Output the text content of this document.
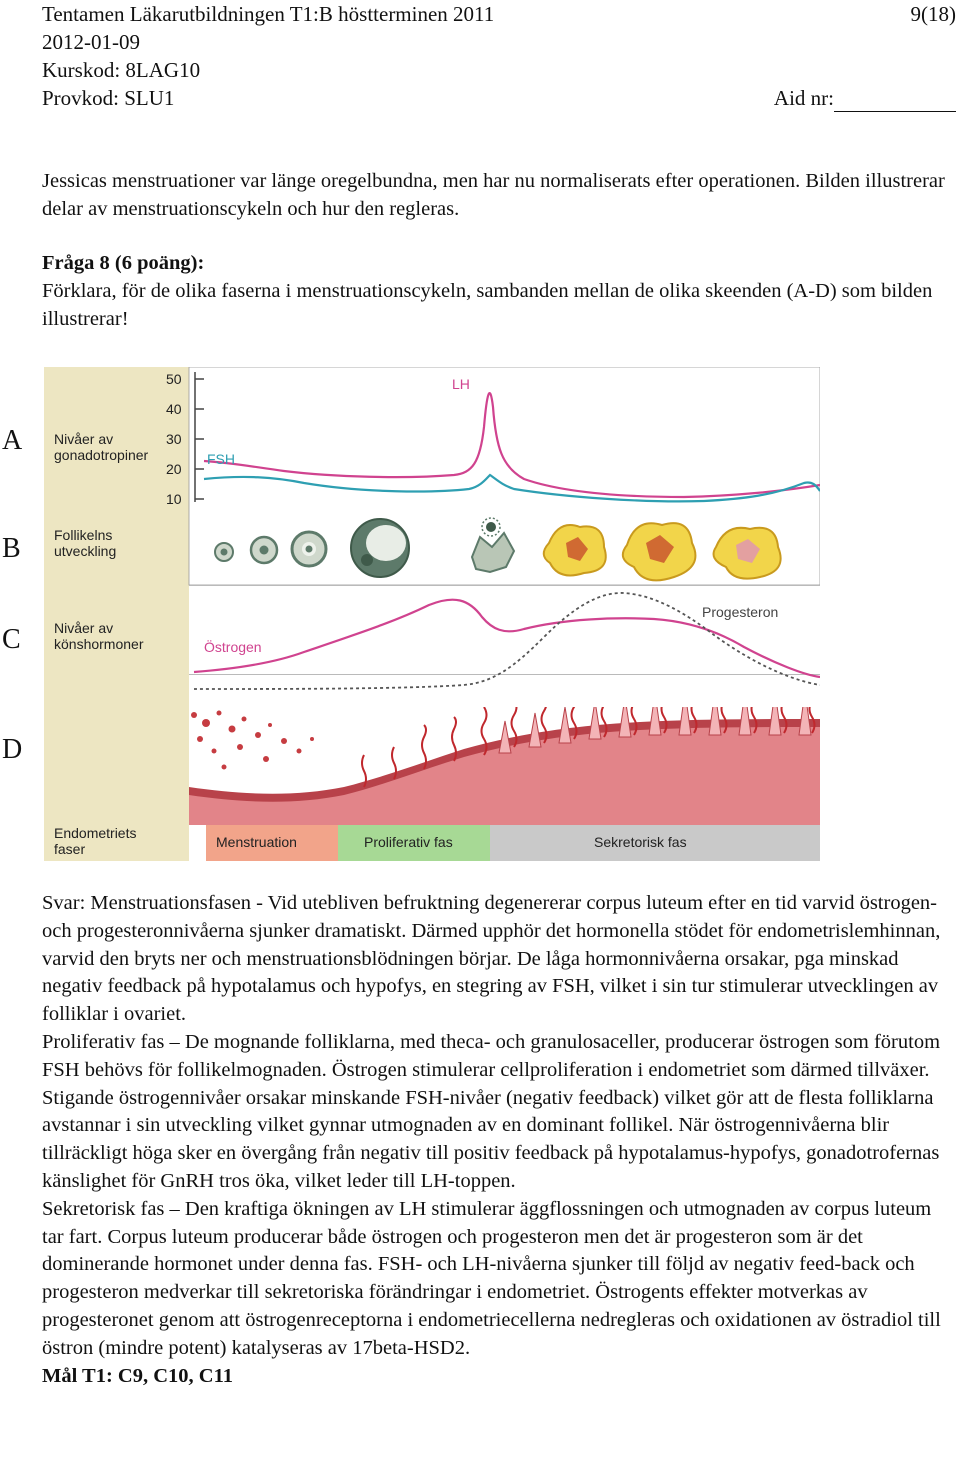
Tentamen Läkarutbildningen T1:B höstterminen 2011	9(18)
2012-01-09
Kurskod: 8LAG10
Provkod: SLU1	Aid nr:
Jessicas menstruationer var länge oregelbundna, men har nu normaliserats efter operationen. Bilden illustrerar delar av menstruationscykeln och hur den regleras.
Fråga 8 (6 poäng):
Förklara, för de olika faserna i menstruationscykeln, sambanden mellan de olika skeenden (A-D) som bilden illustrerar!
A
B
C
D
Nivåer av
gonadotropiner
50
40
30
20
10
LH
FSH
Follikelns
utveckling
Nivåer av
könshormoner	Östrogen
Progesteron
Endometriets
faser	Menstruation	Proliferativ fas	Sekretorisk fas

Svar: Menstruationsfasen - Vid utebliven befruktning degenererar corpus luteum efter en tid varvid östrogen- och progesteronnivåerna sjunker dramatiskt. Därmed upphör det hormonella stödet för endometrislemhinnan, varvid den bryts ner och menstruationsblödningen börjar. De låga hormonnivåerna orsakar, pga minskad negativ feedback på hypotalamus och hypofys, en stegring av FSH, vilket i sin tur stimulerar utvecklingen av folliklar i ovariet.

Proliferativ fas – De mognande folliklarna, med theca- och granulosaceller, producerar östrogen som förutom FSH behövs för follikelmognaden. Östrogen stimulerar cellproliferation i endometriet som därmed tillväxer. Stigande östrogennivåer orsakar minskande FSH-nivåer (negativ feedback) vilket gör att de flesta folliklarna avstannar i sin utveckling vilket gynnar utmognaden av en dominant follikel. När östrogennivåerna blir tillräckligt höga sker en övergång från negativ till positiv feedback på hypotalamus-hypofys, gonadotrofernas känslighet för GnRH tros öka, vilket leder till LH-toppen.

Sekretorisk fas – Den kraftiga ökningen av LH stimulerar äggflossningen och utmognaden av corpus luteum tar fart. Corpus luteum producerar både östrogen och progesteron men det är progesteron som är det dominerande hormonet under denna fas. FSH- och LH-nivåerna sjunker till följd av negativ feed-back och progesteron medverkar till sekretoriska förändringar i endometriet. Östrogents effekter motverkas av progesteronet genom att östrogenreceptorna i endometriecellerna nedregleras och oxidationen av östradiol till östron (mindre potent) katalyseras av 17beta-HSD2.

Mål T1: C9, C10, C11
